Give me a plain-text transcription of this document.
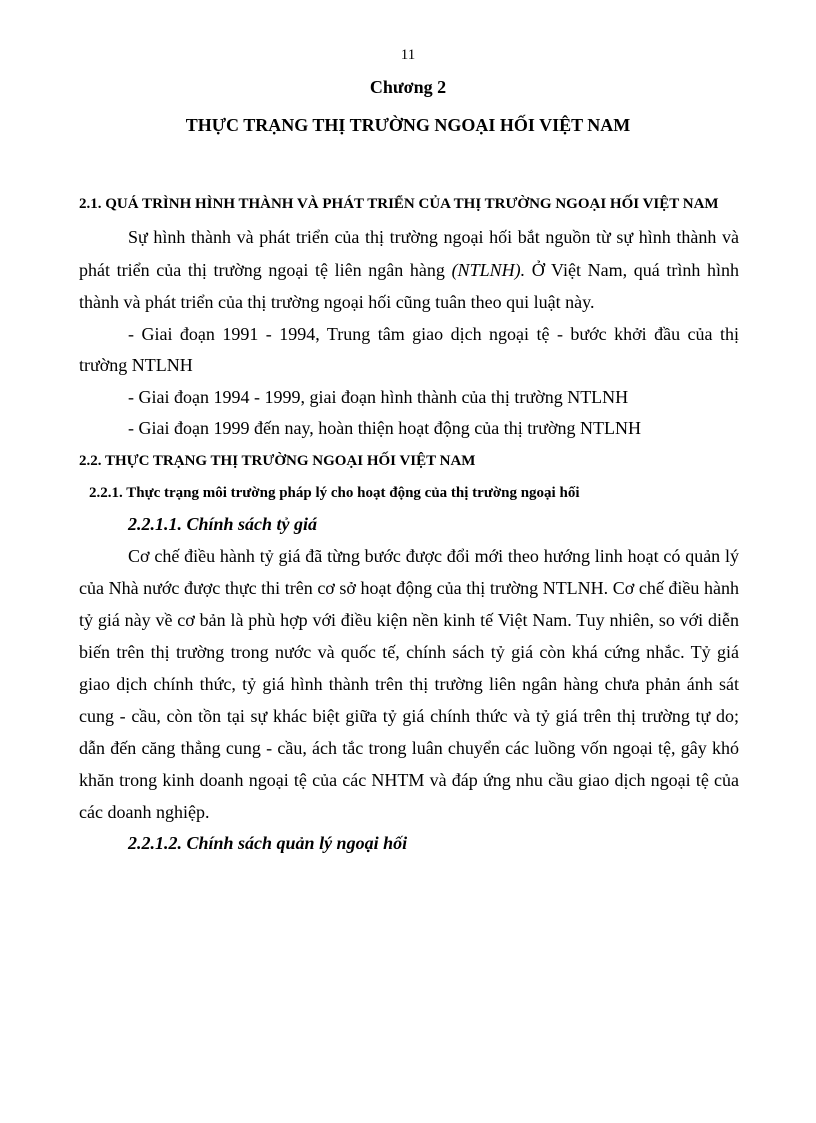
11
Chương 2
THỰC TRẠNG THỊ TRƯỜNG NGOẠI HỐI VIỆT NAM

2.1. QUÁ TRÌNH HÌNH THÀNH VÀ PHÁT TRIỂN CỦA THỊ TRƯỜNG NGOẠI HỐI VIỆT NAM

Sự hình thành và phát triển của thị trường ngoại hối bắt nguồn từ sự hình thành và phát triển của thị trường ngoại tệ liên ngân hàng (NTLNH). Ở Việt Nam, quá trình hình thành và phát triển của thị trường ngoại hối cũng tuân theo qui luật này.

- Giai đoạn 1991 - 1994, Trung tâm giao dịch ngoại tệ - bước khởi đầu của thị trường NTLNH

- Giai đoạn 1994 - 1999, giai đoạn hình thành của thị trường NTLNH

- Giai đoạn 1999 đến nay, hoàn thiện hoạt động của thị trường NTLNH

2.2. THỰC TRẠNG THỊ TRƯỜNG NGOẠI HỐI VIỆT NAM

2.2.1. Thực trạng môi trường pháp lý cho hoạt động của thị trường ngoại hối

2.2.1.1. Chính sách tỷ giá

Cơ chế điều hành tỷ giá đã từng bước được đổi mới theo hướng linh hoạt có quản lý của Nhà nước được thực thi trên cơ sở hoạt động của thị trường NTLNH. Cơ chế điều hành tỷ giá này về cơ bản là phù hợp với điều kiện nền kinh tế Việt Nam. Tuy nhiên, so với diễn biến trên thị trường trong nước và quốc tế, chính sách tỷ giá còn khá cứng nhắc. Tỷ giá giao dịch chính thức, tỷ giá hình thành trên thị trường liên ngân hàng chưa phản ánh sát cung - cầu, còn tồn tại sự khác biệt giữa tỷ giá chính thức và tỷ giá trên thị trường tự do; dẫn đến căng thẳng cung - cầu, ách tắc trong luân chuyển các luồng vốn ngoại tệ, gây khó khăn trong kinh doanh ngoại tệ của các NHTM và đáp ứng nhu cầu giao dịch ngoại tệ của các doanh nghiệp.

2.2.1.2. Chính sách quản lý ngoại hối
